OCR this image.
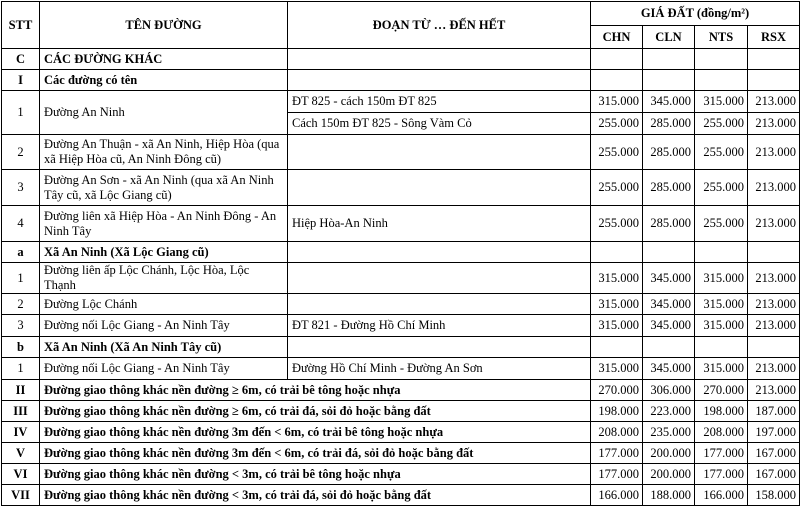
STT	TÊN ĐƯỜNG	ĐOẠN TỪ … ĐẾN HẾT	GIÁ ĐẤT (đồng/m²)			
			CHN	CLN	NTS	RSX
C	CÁC ĐƯỜNG KHÁC					
I	Các đường có tên					
1	Đường An Ninh	ĐT 825 - cách 150m ĐT 825	315.000	345.000	315.000	213.000
		Cách 150m ĐT 825 - Sông Vàm Cỏ	255.000	285.000	255.000	213.000
2	Đường An Thuận - xã An Ninh, Hiệp Hòa (qua xã Hiệp Hòa cũ, An Ninh Đông cũ)		255.000	285.000	255.000	213.000
3	Đường An Sơn - xã An Ninh (qua xã An Ninh Tây cũ, xã Lộc Giang cũ)		255.000	285.000	255.000	213.000
4	Đường liên xã Hiệp Hòa - An Ninh Đông - An Ninh Tây	Hiệp Hòa-An Ninh	255.000	285.000	255.000	213.000
a	Xã An Ninh (Xã Lộc Giang cũ)					
1	Đường liên ấp Lộc Chánh, Lộc Hòa, Lộc Thạnh		315.000	345.000	315.000	213.000
2	Đường Lộc Chánh		315.000	345.000	315.000	213.000
3	Đường nối Lộc Giang - An Ninh Tây	ĐT 821 - Đường Hồ Chí Minh	315.000	345.000	315.000	213.000
b	Xã An Ninh (Xã An Ninh Tây cũ)					
1	Đường nối Lộc Giang - An Ninh Tây	Đường Hồ Chí Minh - Đường An Sơn	315.000	345.000	315.000	213.000
II	Đường giao thông khác nền đường ≥ 6m, có trải bê tông hoặc nhựa		270.000	306.000	270.000	213.000
III	Đường giao thông khác nền đường ≥ 6m, có trải đá, sỏi đỏ hoặc bằng đất		198.000	223.000	198.000	187.000
IV	Đường giao thông khác nền đường 3m đến < 6m, có trải bê tông hoặc nhựa		208.000	235.000	208.000	197.000
V	Đường giao thông khác nền đường 3m đến < 6m, có trải đá, sỏi đỏ hoặc bằng đất		177.000	200.000	177.000	167.000
VI	Đường giao thông khác nền đường < 3m, có trải bê tông hoặc nhựa		177.000	200.000	177.000	167.000
VII	Đường giao thông khác nền đường < 3m, có trải đá, sỏi đỏ hoặc bằng đất		166.000	188.000	166.000	158.000
